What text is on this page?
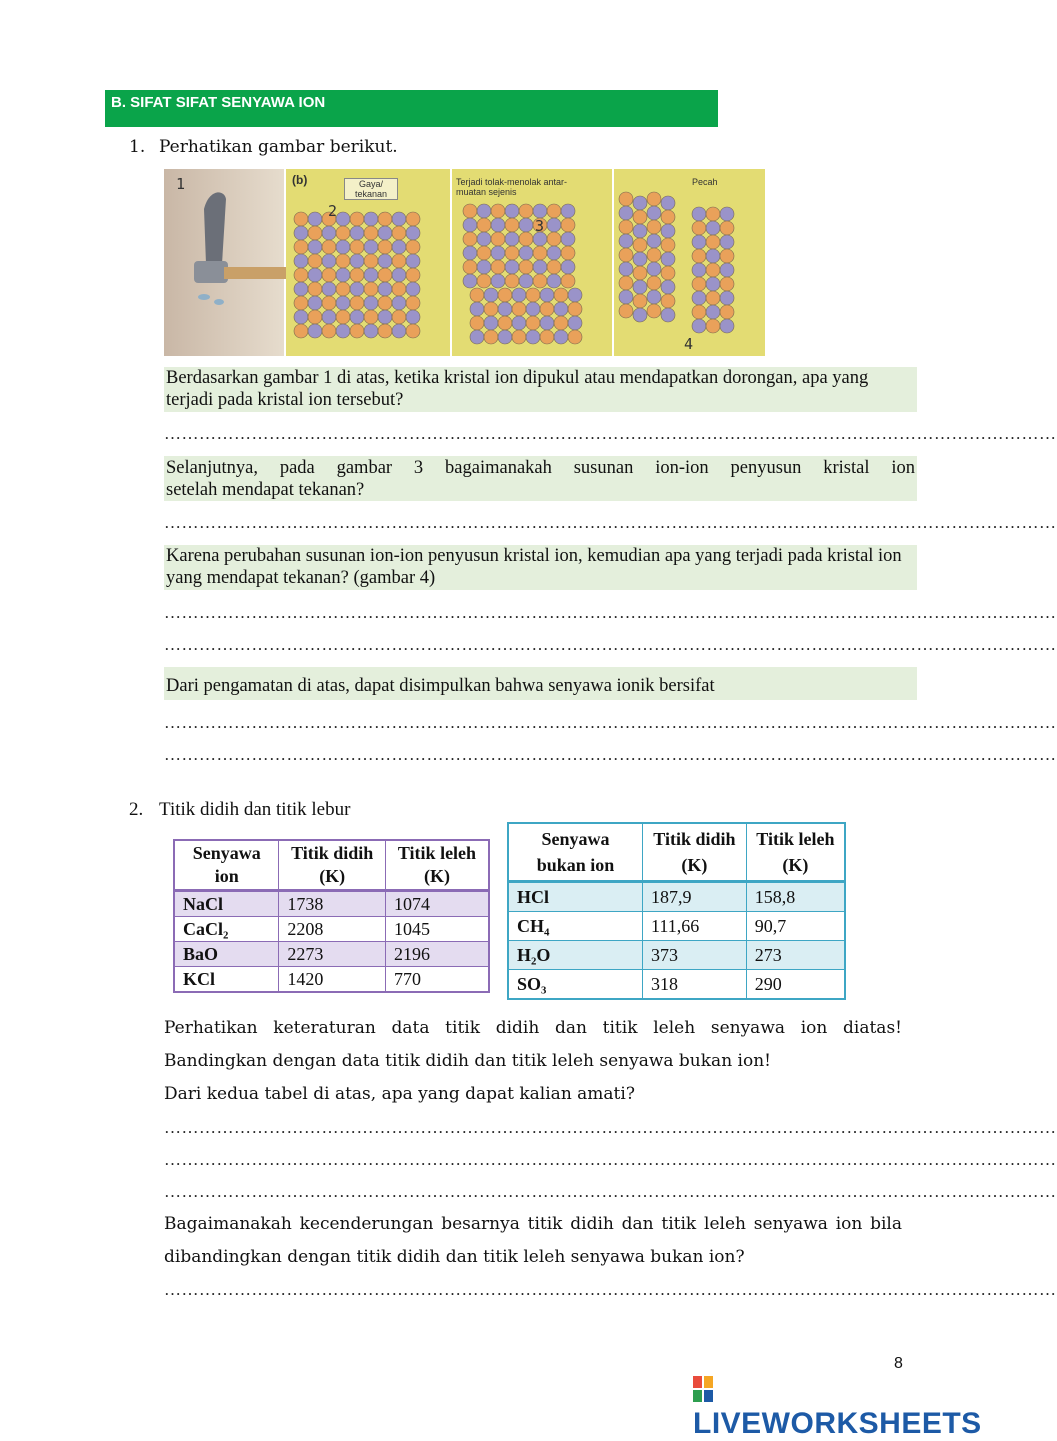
B. SIFAT SIFAT SENYAWA ION
1. Perhatikan gambar berikut.
1
2
3
4
(b)	Gaya/ tekanan
Terjadi tolak-menolak antar-muatan sejenis
Pecah
Berdasarkan gambar 1 di atas, ketika kristal ion dipukul atau mendapatkan dorongan, apa yang terjadi pada kristal ion tersebut?
………………………………………………………………………………………………………………………………………
Selanjutnya, pada gambar 3 bagaimanakah susunan ion-ion penyusun kristal ion
setelah mendapat tekanan?
………………………………………………………………………………………………………………………………………
Karena perubahan susunan ion-ion penyusun kristal ion, kemudian apa yang terjadi pada kristal ion yang mendapat tekanan? (gambar 4)
………………………………………………………………………………………………………………………………………
………………………………………………………………………………………………………………………………………
Dari pengamatan di atas, dapat disimpulkan bahwa senyawa ionik bersifat
………………………………………………………………………………………………………………………………………
………………………………………………………………………………………………………………………………………
2. Titik didih dan titik lebur
Senyawa ion	Titik didih (K)	Titik leleh (K)
NaCl	1738	1074
CaCl₂	2208	1045
BaO	2273	2196
KCl	1420	770
Senyawa bukan ion	Titik didih (K)	Titik leleh (K)
HCl	187,9	158,8
CH₄	111,66	90,7
H₂O	373	273
SO₃	318	290
Perhatikan keteraturan data titik didih dan titik leleh senyawa ion diatas!
Bandingkan dengan data titik didih dan titik leleh senyawa bukan ion!
Dari kedua tabel di atas, apa yang dapat kalian amati?
………………………………………………………………………………………………………………………………………
………………………………………………………………………………………………………………………………………
………………………………………………………………………………………………………………………………………
Bagaimanakah kecenderungan besarnya titik didih dan titik leleh senyawa ion bila
dibandingkan dengan titik didih dan titik leleh senyawa bukan ion?
………………………………………………………………………………………………………………………………………
8
LIVEWORKSHEETS
